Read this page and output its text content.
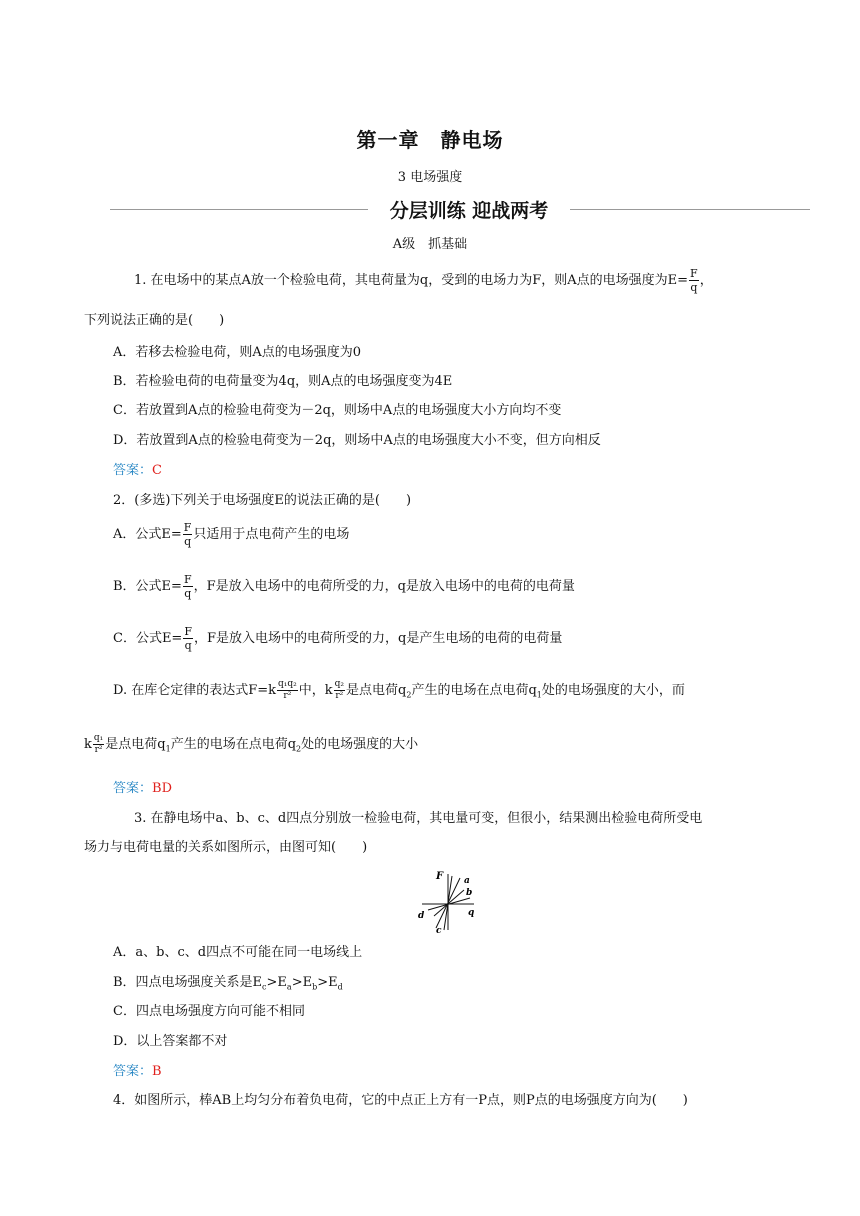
第一章　静电场
3 电场强度
分层训练 迎战两考
A级　抓基础
1. 在电场中的某点A放一个检验电荷，其电荷量为q，受到的电场力为F，则A点的电场强度为$E= \frac{F}{q}$ ，
下列说法正确的是(　　)
A．若移去检验电荷，则A点的电场强度为0
B．若检验电荷的电荷量变为4q，则A点的电场强度变为4E
C．若放置到A点的检验电荷变为－2q，则场中A点的电场强度大小方向均不变
D．若放置到A点的检验电荷变为－2q，则场中A点的电场强度大小不变，但方向相反
答案：C
2．(多选)下列关于电场强度E的说法正确的是(　　)
A．公式$E= \frac{F}{q}$ 只适用于点电荷产生的电场
B．公式$E= \frac{F}{q}$ ，F是放入电场中的电荷所受的力，q是放入电场中的电荷的电荷量
C．公式$E= \frac{F}{q}$ ，F是放入电场中的电荷所受的力，q是产生电场的电荷的电荷量
D. 在库仑定律的表达式$F=k \frac{\text{q₁q₂}}{\text{r²}}$ 中，k $\frac{\text{q₂}}{\text{r²}}$ 是点电荷$q_2$产生的电场在点电荷$q_1$处的电场强度的大小，而
k $\frac{\text{q₁}}{\text{r²}}$ 是点电荷$q_1$产生的电场在点电荷$q_2$处的电场强度的大小
答案：BD
3. 在静电场中a、b、c、d四点分别放一检验电荷，其电量可变，但很小，结果测出检验电荷所受电
场力与电荷电量的关系如图所示，由图可知(　　)
F a
b
q
d
c
A．a、b、c、d四点不可能在同一电场线上
B．四点电场强度关系是$E_c>E_a>E_b>E_d$
C．四点电场强度方向可能不相同
D．以上答案都不对
答案：B
4．如图所示，棒AB上均匀分布着负电荷，它的中点正上方有一P点，则P点的电场强度方向为(　　)
